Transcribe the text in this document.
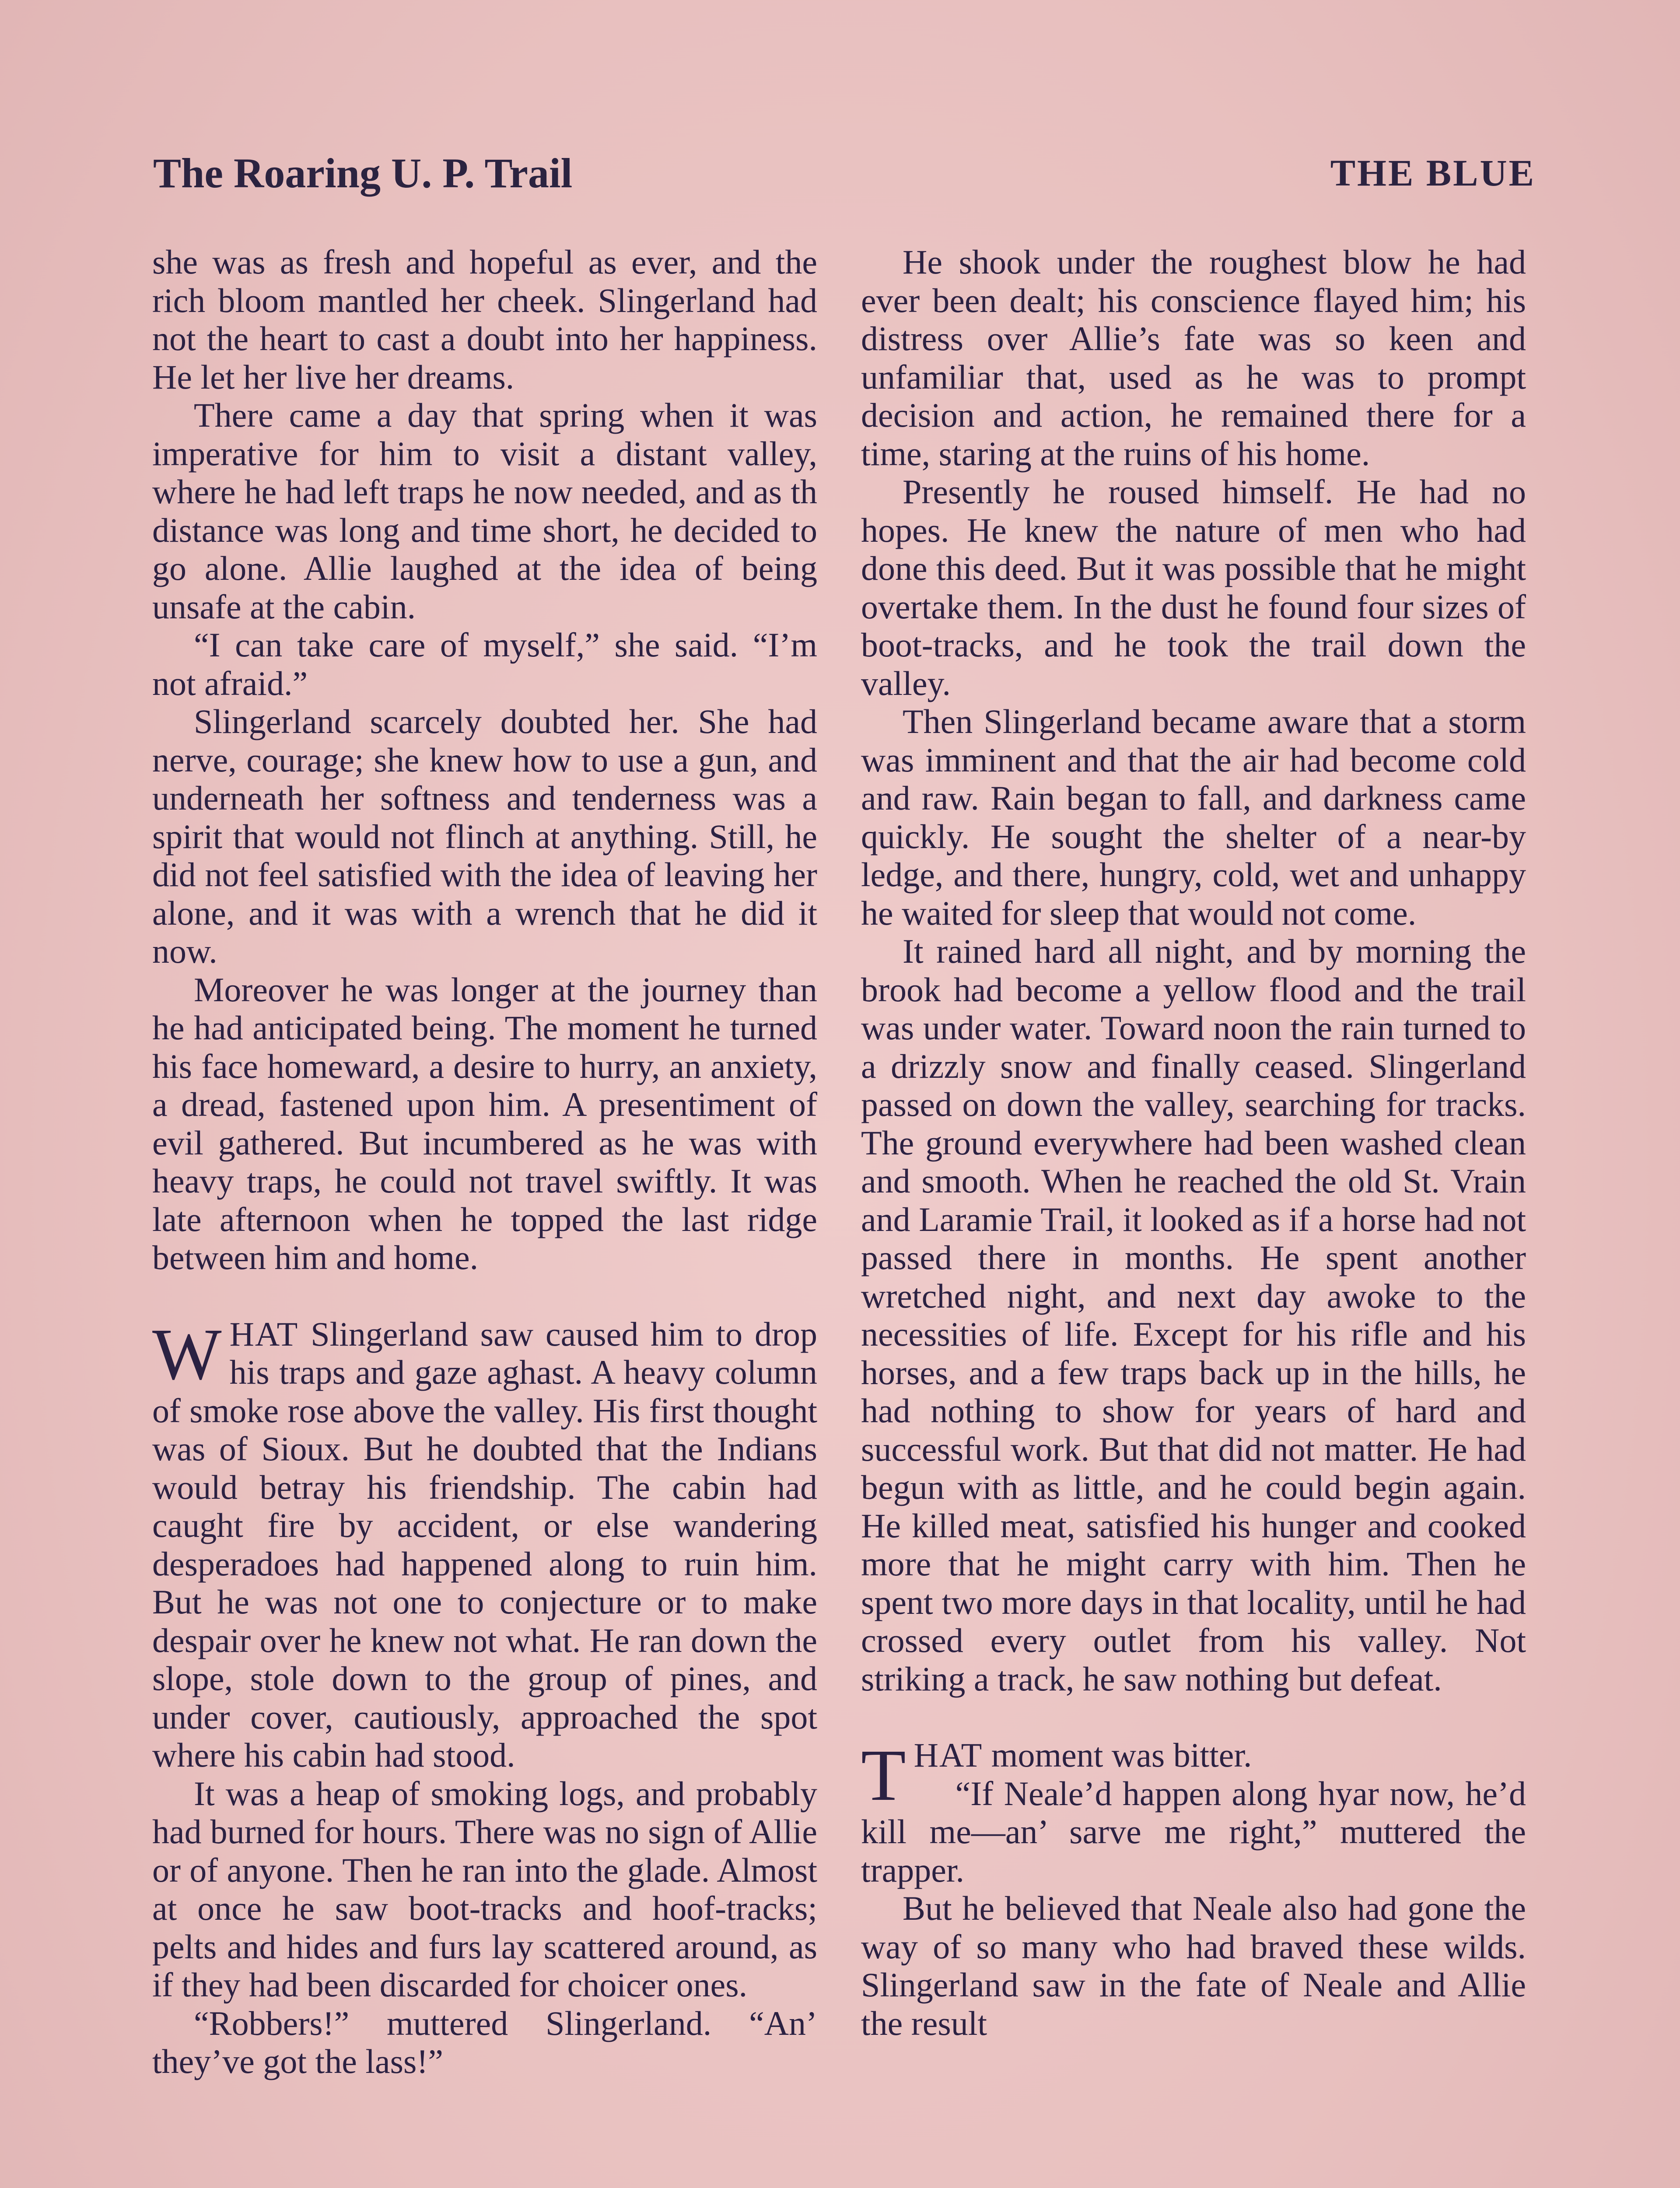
The Roaring U. P. Trail	THE BLUE

she was as fresh and hopeful as ever, and the rich bloom mantled her cheek. Slingerland had not the heart to cast a doubt into her happiness. He let her live her dreams.

There came a day that spring when it was imperative for him to visit a distant valley, where he had left traps he now needed, and as th distance was long and time short, he decided to go alone. Allie laughed at the idea of being unsafe at the cabin.

“I can take care of myself,” she said. “I’m not afraid.”

Slingerland scarcely doubted her. She had nerve, courage; she knew how to use a gun, and underneath her softness and tenderness was a spirit that would not flinch at anything. Still, he did not feel satisfied with the idea of leaving her alone, and it was with a wrench that he did it now.

Moreover he was longer at the journey than he had anticipated being. The moment he turned his face homeward, a desire to hurry, an anxiety, a dread, fastened upon him. A presentiment of evil gathered. But incumbered as he was with heavy traps, he could not travel swiftly. It was late afternoon when he topped the last ridge between him and home.

WHAT Slingerland saw caused him to drop his traps and gaze aghast. A heavy column of smoke rose above the valley. His first thought was of Sioux. But he doubted that the Indians would betray his friendship. The cabin had caught fire by accident, or else wandering desperadoes had happened along to ruin him. But he was not one to conjecture or to make despair over he knew not what. He ran down the slope, stole down to the group of pines, and under cover, cautiously, approached the spot where his cabin had stood.

It was a heap of smoking logs, and probably had burned for hours. There was no sign of Allie or of anyone. Then he ran into the glade. Almost at once he saw boot-tracks and hoof-tracks; pelts and hides and furs lay scattered around, as if they had been discarded for choicer ones.

“Robbers!” muttered Slingerland. “An’ they’ve got the lass!”

He shook under the roughest blow he had ever been dealt; his conscience flayed him; his distress over Allie’s fate was so keen and unfamiliar that, used as he was to prompt decision and action, he remained there for a time, staring at the ruins of his home.

Presently he roused himself. He had no hopes. He knew the nature of men who had done this deed. But it was possible that he might overtake them. In the dust he found four sizes of boot-tracks, and he took the trail down the valley.

Then Slingerland became aware that a storm was imminent and that the air had become cold and raw. Rain began to fall, and darkness came quickly. He sought the shelter of a near-by ledge, and there, hungry, cold, wet and unhappy he waited for sleep that would not come.

It rained hard all night, and by morning the brook had become a yellow flood and the trail was under water. Toward noon the rain turned to a drizzly snow and finally ceased. Slingerland passed on down the valley, searching for tracks. The ground everywhere had been washed clean and smooth. When he reached the old St. Vrain and Laramie Trail, it looked as if a horse had not passed there in months. He spent another wretched night, and next day awoke to the necessities of life. Except for his rifle and his horses, and a few traps back up in the hills, he had nothing to show for years of hard and successful work. But that did not matter. He had begun with as little, and he could begin again. He killed meat, satisfied his hunger and cooked more that he might carry with him. Then he spent two more days in that locality, until he had crossed every outlet from his valley. Not striking a track, he saw nothing but defeat.

THAT moment was bitter.

“If Neale’d happen along hyar now, he’d kill me—an’ sarve me right,” muttered the trapper.

But he believed that Neale also had gone the way of so many who had braved these wilds. Slingerland saw in the fate of Neale and Allie the result
